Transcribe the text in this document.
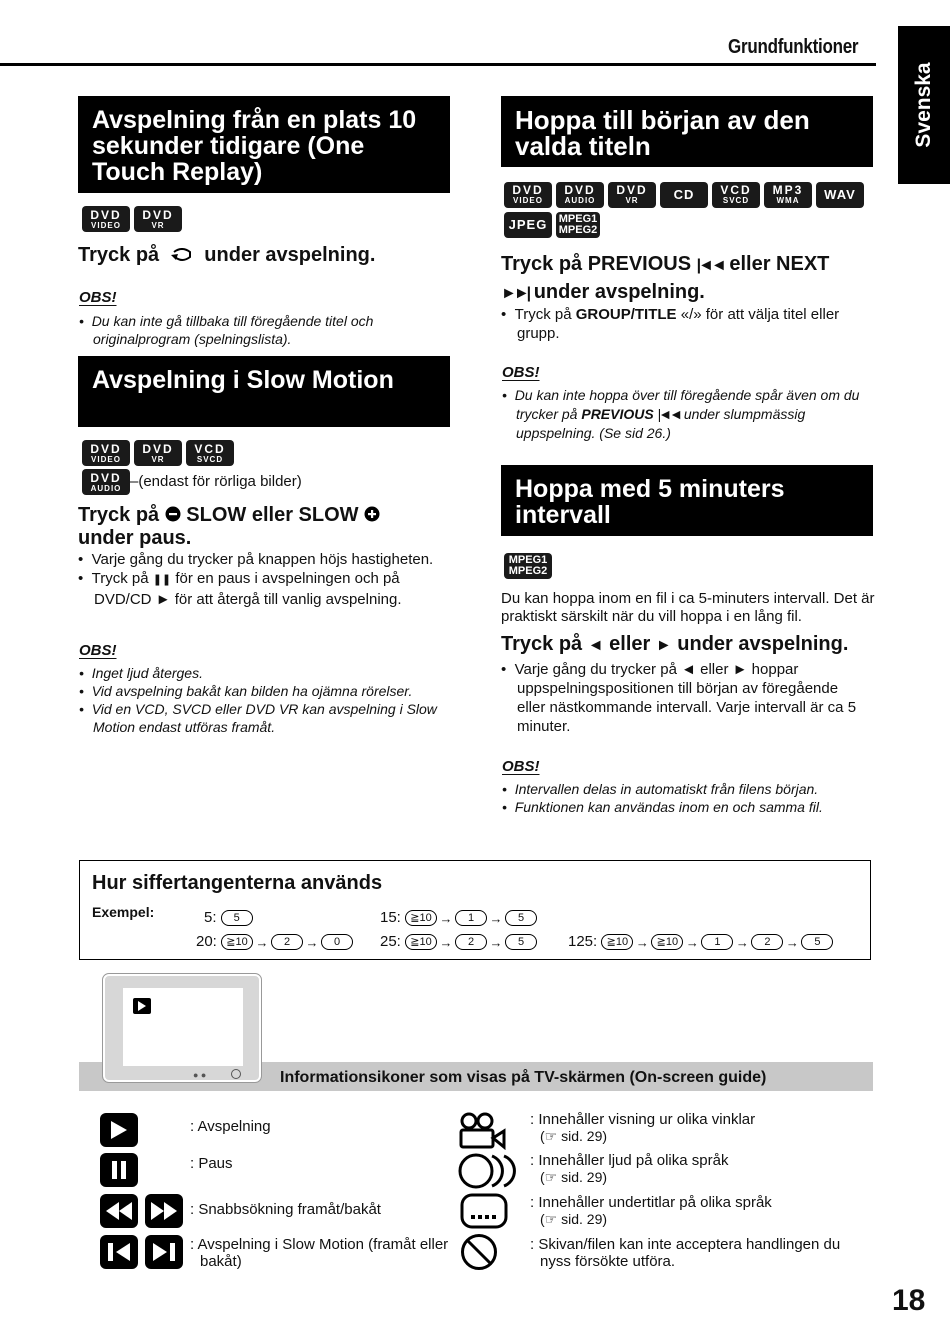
Grundfunktioner
Svenska
18
Avspelning från en plats 10 sekunder tidigare (One Touch Replay)
DVD
VIDEO
DVD
VR
Tryck på under avspelning.
OBS!
•  Du kan inte gå tillbaka till föregående titel och originalprogram (spelningslista).
Avspelning i Slow Motion
DVD
VIDEO
DVD
VR
VCD
SVCD
DVD
AUDIO –(endast för rörliga bilder)
Tryck på SLOW eller SLOW
under paus.
•  Varje gång du trycker på knappen höjs hastigheten.
•  Tryck på ❚❚ för en paus i avspelningen och på DVD/CD ► för att återgå till vanlig avspelning.
OBS!
•  Inget ljud återges.
•  Vid avspelning bakåt kan bilden ha ojämna rörelser.
•  Vid en VCD, SVCD eller DVD VR kan avspelning i Slow Motion endast utföras framåt.
Hoppa till början av den valda titeln
DVD
VIDEO
DVD
AUDIO
DVD
VR	CD VCD
SVCD
MP3
WMA WAV

JPEG MPEG1
MPEG2
Tryck på PREVIOUS |◄◄ eller NEXT
►►| under avspelning.
•  Tryck på GROUP/TITLE «/» för att välja titel eller grupp.
OBS!
•  Du kan inte hoppa över till föregående spår även om du trycker på PREVIOUS |◄◄ under slumpmässig uppspelning. (Se sid 26.)
Hoppa med 5 minuters intervall
MPEG1
MPEG2
Du kan hoppa inom en fil i ca 5-minuters intervall. Det är praktiskt särskilt när du vill hoppa i en lång fil.
Tryck på ◄ eller ► under avspelning.
•  Varje gång du trycker på ◄ eller ► hoppar uppspelningspositionen till början av föregående eller nästkommande intervall. Varje intervall är ca 5 minuter.
OBS!
•  Intervallen delas in automatiskt från filens början.
•  Funktionen kan användas inom en och samma fil.
Hur siffertangenterna används
Exempel:	5: 5	15: ≧10 → 1 → 5
20: ≧10 → 2 → 0	25: ≧10 → 2 → 5	125: ≧10 → ≧10 → 1 → 2 → 5
Informationsikoner som visas på TV-skärmen (On-screen guide)
● ●
: Avspelning
: Paus
: Snabbsökning framåt/bakåt
: Avspelning i Slow Motion (framåt eller bakåt)
: Innehåller visning ur olika vinklar
(☞ sid. 29)
: Innehåller ljud på olika språk
(☞ sid. 29)
: Innehåller undertitlar på olika språk
(☞ sid. 29)
: Skivan/filen kan inte acceptera handlingen du nyss försökte utföra.
